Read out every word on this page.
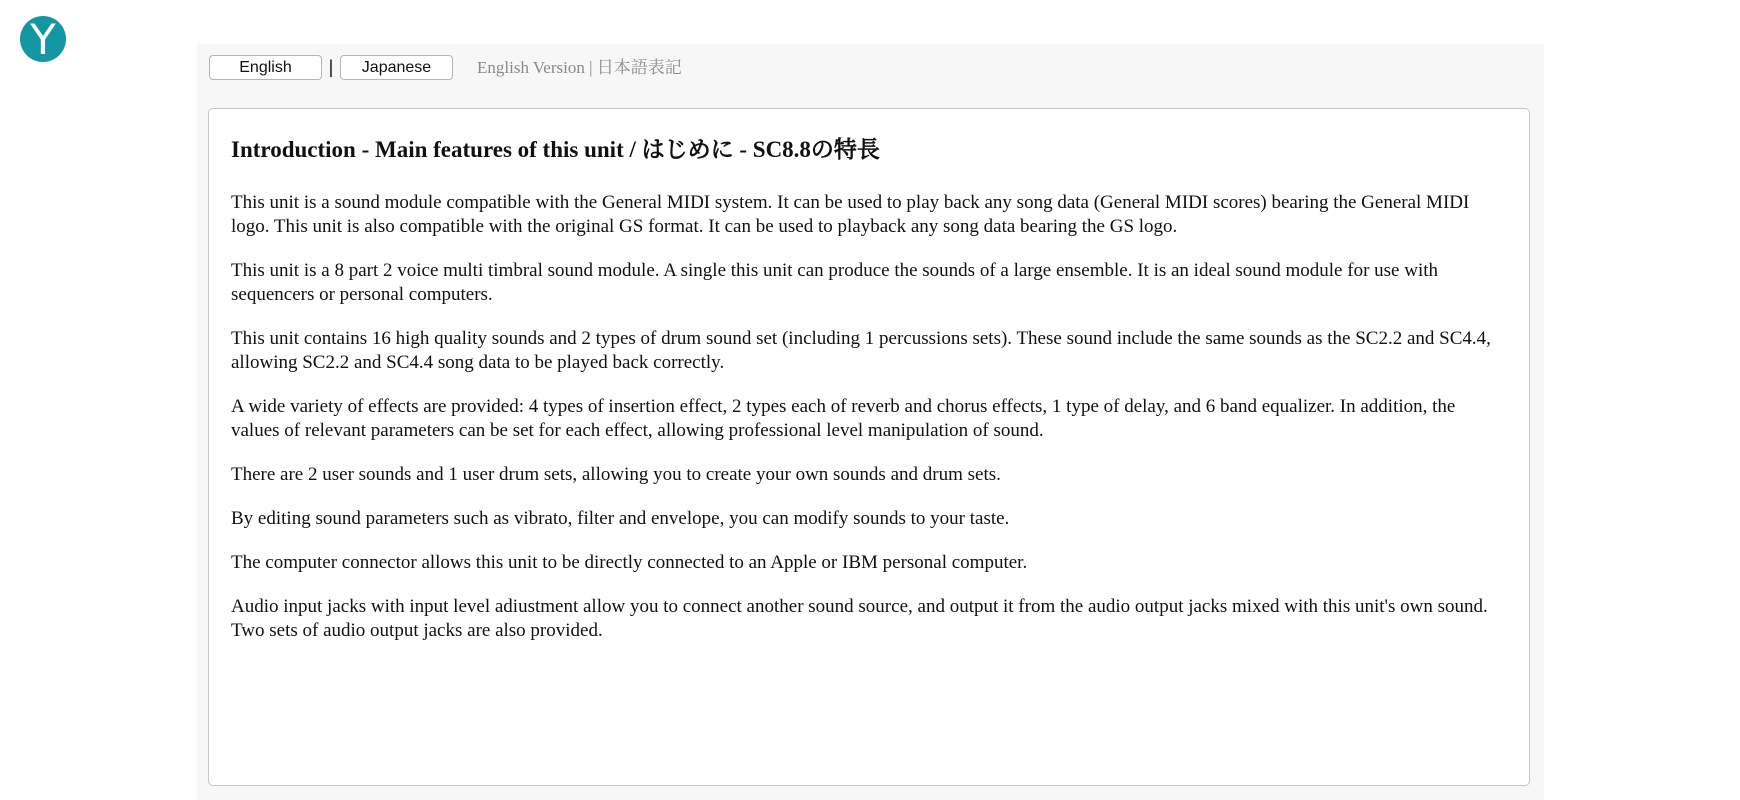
Y
English	|	Japanese	English Version | 日本語表記
Introduction - Main features of this unit / はじめに - SC8.8の特長

This unit is a sound module compatible with the General MIDI system. It can be used to play back any song data (General MIDI scores) bearing the General MIDI logo. This unit is also compatible with the original GS format. It can be used to playback any song data bearing the GS logo.

This unit is a 8 part 2 voice multi timbral sound module. A single this unit can produce the sounds of a large ensemble. It is an ideal sound module for use with sequencers or personal computers.

This unit contains 16 high quality sounds and 2 types of drum sound set (including 1 percussions sets). These sound include the same sounds as the SC2.2 and SC4.4, allowing SC2.2 and SC4.4 song data to be played back correctly.

A wide variety of effects are provided: 4 types of insertion effect, 2 types each of reverb and chorus effects, 1 type of delay, and 6 band equalizer. In addition, the values of relevant parameters can be set for each effect, allowing professional level manipulation of sound.

There are 2 user sounds and 1 user drum sets, allowing you to create your own sounds and drum sets.

By editing sound parameters such as vibrato, filter and envelope, you can modify sounds to your taste.

The computer connector allows this unit to be directly connected to an Apple or IBM personal computer.

Audio input jacks with input level adiustment allow you to connect another sound source, and output it from the audio output jacks mixed with this unit's own sound. Two sets of audio output jacks are also provided.
